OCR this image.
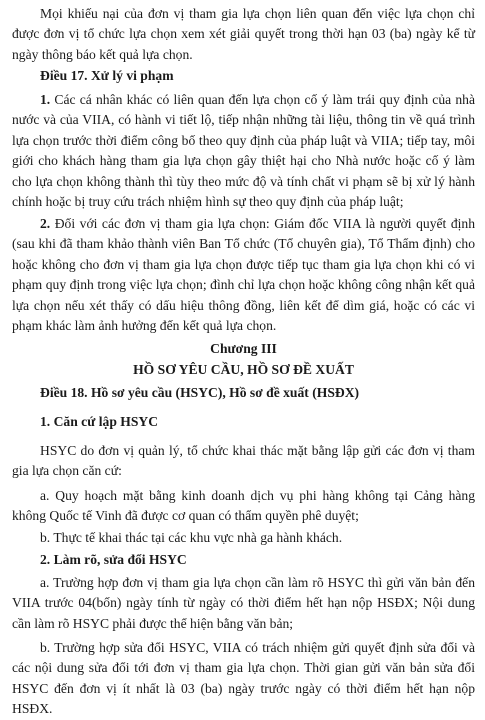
Mọi khiếu nại của đơn vị tham gia lựa chọn liên quan đến việc lựa chọn chỉ được đơn vị tổ chức lựa chọn xem xét giải quyết trong thời hạn 03 (ba) ngày kể từ ngày thông báo kết quả lựa chọn.

Điều 17. Xử lý vi phạm

1. Các cá nhân khác có liên quan đến lựa chọn cố ý làm trái quy định của nhà nước và của VIIA, có hành vi tiết lộ, tiếp nhận những tài liệu, thông tin về quá trình lựa chọn trước thời điểm công bố theo quy định của pháp luật và VIIA; tiếp tay, môi giới cho khách hàng tham gia lựa chọn gây thiệt hại cho Nhà nước hoặc cố ý làm cho lựa chọn không thành thì tùy theo mức độ và tính chất vi phạm sẽ bị xử lý hành chính hoặc bị truy cứu trách nhiệm hình sự theo quy định của pháp luật;

2. Đối với các đơn vị tham gia lựa chọn: Giám đốc VIIA là người quyết định (sau khi đã tham khảo thành viên Ban Tổ chức (Tổ chuyên gia), Tổ Thẩm định) cho hoặc không cho đơn vị tham gia lựa chọn được tiếp tục tham gia lựa chọn khi có vi phạm quy định trong việc lựa chọn; đình chỉ lựa chọn hoặc không công nhận kết quả lựa chọn nếu xét thấy có dấu hiệu thông đồng, liên kết để dìm giá, hoặc có các vi phạm khác làm ảnh hưởng đến kết quả lựa chọn.

Chương III

HỒ SƠ YÊU CẦU, HỒ SƠ ĐỀ XUẤT

Điều 18. Hồ sơ yêu cầu (HSYC), Hồ sơ đề xuất (HSĐX)

1. Căn cứ lập HSYC

HSYC do đơn vị quản lý, tổ chức khai thác mặt bằng lập gửi các đơn vị tham gia lựa chọn căn cứ:

a. Quy hoạch mặt bằng kinh doanh dịch vụ phi hàng không tại Cảng hàng không Quốc tế Vinh đã được cơ quan có thẩm quyền phê duyệt;

b. Thực tế khai thác tại các khu vực nhà ga hành khách.

2. Làm rõ, sửa đổi HSYC

a. Trường hợp đơn vị tham gia lựa chọn cần làm rõ HSYC thì gửi văn bản đến VIIA trước 04(bốn) ngày tính từ ngày có thời điểm hết hạn nộp HSĐX; Nội dung cần làm rõ HSYC phải được thể hiện bằng văn bản;

b. Trường hợp sửa đổi HSYC, VIIA có trách nhiệm gửi quyết định sửa đổi và các nội dung sửa đổi tới đơn vị tham gia lựa chọn. Thời gian gửi văn bản sửa đổi HSYC đến đơn vị ít nhất là 03 (ba) ngày trước ngày có thời điểm hết hạn nộp HSĐX.
